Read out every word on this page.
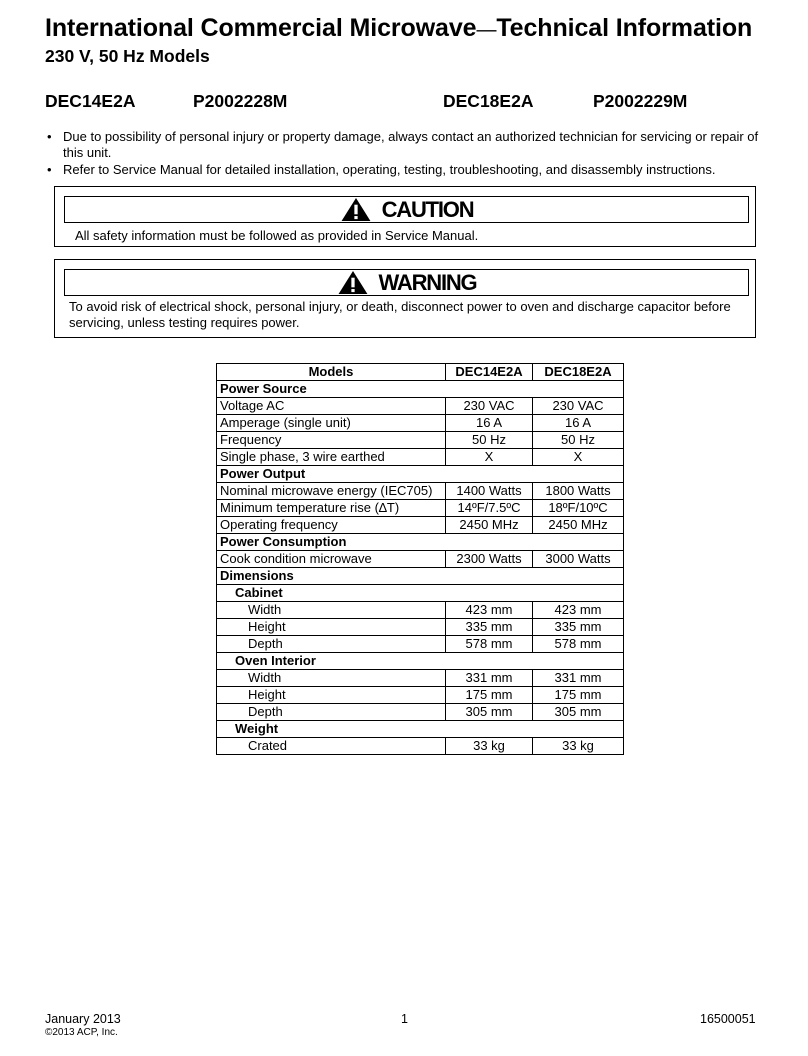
International Commercial Microwave—Technical Information
230 V, 50 Hz Models
DEC14E2A	P2002228M	DEC18E2A	P2002229M
• Due to possibility of personal injury or property damage, always contact an authorized technician for servicing or repair of this unit.
• Refer to Service Manual for detailed installation, operating, testing, troubleshooting, and disassembly instructions.
CAUTION
All safety information must be followed as provided in Service Manual.
WARNING
To avoid risk of electrical shock, personal injury, or death, disconnect power to oven and discharge capacitor before servicing, unless testing requires power.
Models	DEC14E2A	DEC18E2A
Power Source		
Voltage AC	230 VAC	230 VAC
Amperage (single unit)	16 A	16 A
Frequency	50 Hz	50 Hz
Single phase, 3 wire earthed	X	X
Power Output		
Nominal microwave energy (IEC705)	1400 Watts	1800 Watts
Minimum temperature rise (∆T)	14ºF/7.5ºC	18ºF/10ºC
Operating frequency	2450 MHz	2450 MHz
Power Consumption		
Cook condition microwave	2300 Watts	3000 Watts
Dimensions		
Cabinet		
Width	423 mm	423 mm
Height	335 mm	335 mm
Depth	578 mm	578 mm
Oven Interior		
Width	331 mm	331 mm
Height	175 mm	175 mm
Depth	305 mm	305 mm
Weight		
Crated	33 kg	33 kg
January 2013	1	16500051
©2013 ACP, Inc.
